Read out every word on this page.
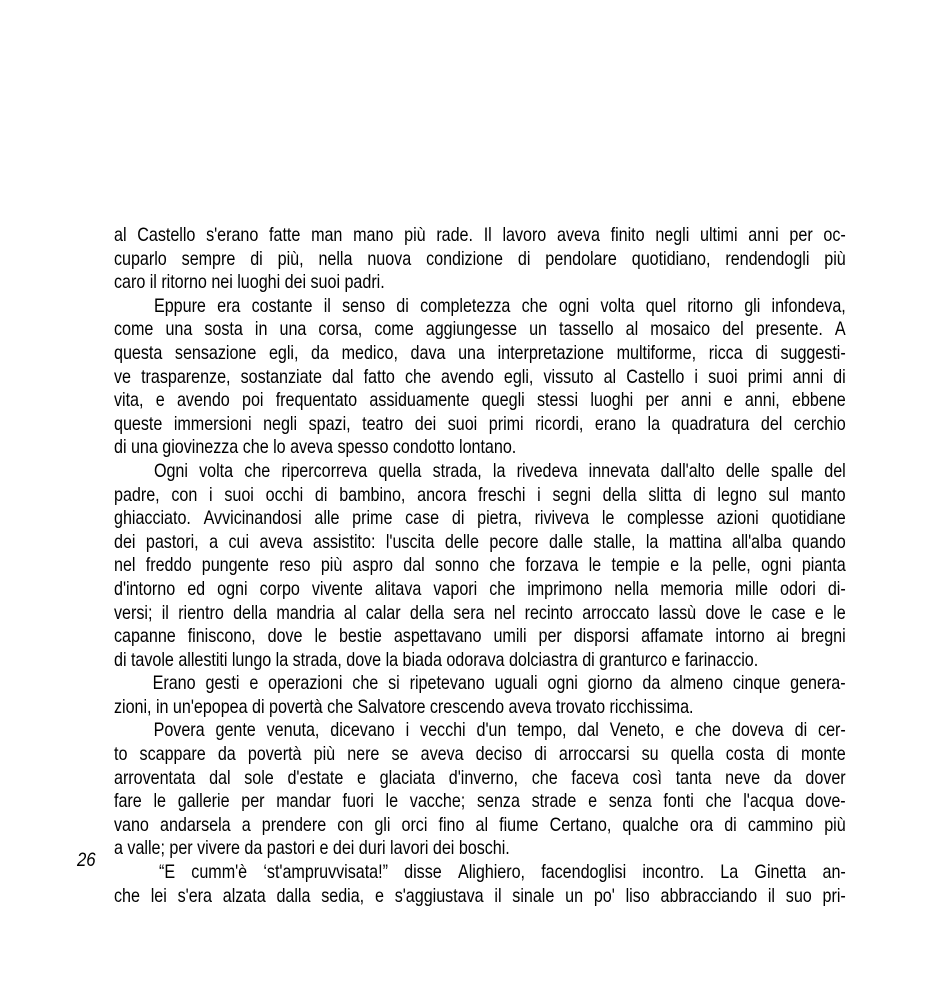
al Castello s'erano fatte man mano più rade. Il lavoro aveva finito negli ultimi anni per oc-
cuparlo sempre di più, nella nuova condizione di pendolare quotidiano, rendendogli più
caro il ritorno nei luoghi dei suoi padri.

Eppure era costante il senso di completezza che ogni volta quel ritorno gli infondeva,
come una sosta in una corsa, come aggiungesse un tassello al mosaico del presente. A
questa sensazione egli, da medico, dava una interpretazione multiforme, ricca di suggesti-
ve trasparenze, sostanziate dal fatto che avendo egli, vissuto al Castello i suoi primi anni di
vita, e avendo poi frequentato assiduamente quegli stessi luoghi per anni e anni, ebbene
queste immersioni negli spazi, teatro dei suoi primi ricordi, erano la quadratura del cerchio
di una giovinezza che lo aveva spesso condotto lontano.

Ogni volta che ripercorreva quella strada, la rivedeva innevata dall'alto delle spalle del
padre, con i suoi occhi di bambino, ancora freschi i segni della slitta di legno sul manto
ghiacciato. Avvicinandosi alle prime case di pietra, riviveva le complesse azioni quotidiane
dei pastori, a cui aveva assistito: l'uscita delle pecore dalle stalle, la mattina all'alba quando
nel freddo pungente reso più aspro dal sonno che forzava le tempie e la pelle, ogni pianta
d'intorno ed ogni corpo vivente alitava vapori che imprimono nella memoria mille odori di-
versi; il rientro della mandria al calar della sera nel recinto arroccato lassù dove le case e le
capanne finiscono, dove le bestie aspettavano umili per disporsi affamate intorno ai bregni
di tavole allestiti lungo la strada, dove la biada odorava dolciastra di granturco e farinaccio.

Erano gesti e operazioni che si ripetevano uguali ogni giorno da almeno cinque genera-
zioni, in un'epopea di povertà che Salvatore crescendo aveva trovato ricchissima.

Povera gente venuta, dicevano i vecchi d'un tempo, dal Veneto, e che doveva di cer-
to scappare da povertà più nere se aveva deciso di arroccarsi su quella costa di monte
arroventata dal sole d'estate e glaciata d'inverno, che faceva così tanta neve da dover
fare le gallerie per mandar fuori le vacche; senza strade e senza fonti che l'acqua dove-
vano andarsela a prendere con gli orci fino al fiume Certano, qualche ora di cammino più
a valle; per vivere da pastori e dei duri lavori dei boschi.

“E cumm'è ‘st'ampruvvisata!” disse Alighiero, facendoglisi incontro. La Ginetta an-
che lei s'era alzata dalla sedia, e s'aggiustava il sinale un po' liso abbracciando il suo pri-

26
